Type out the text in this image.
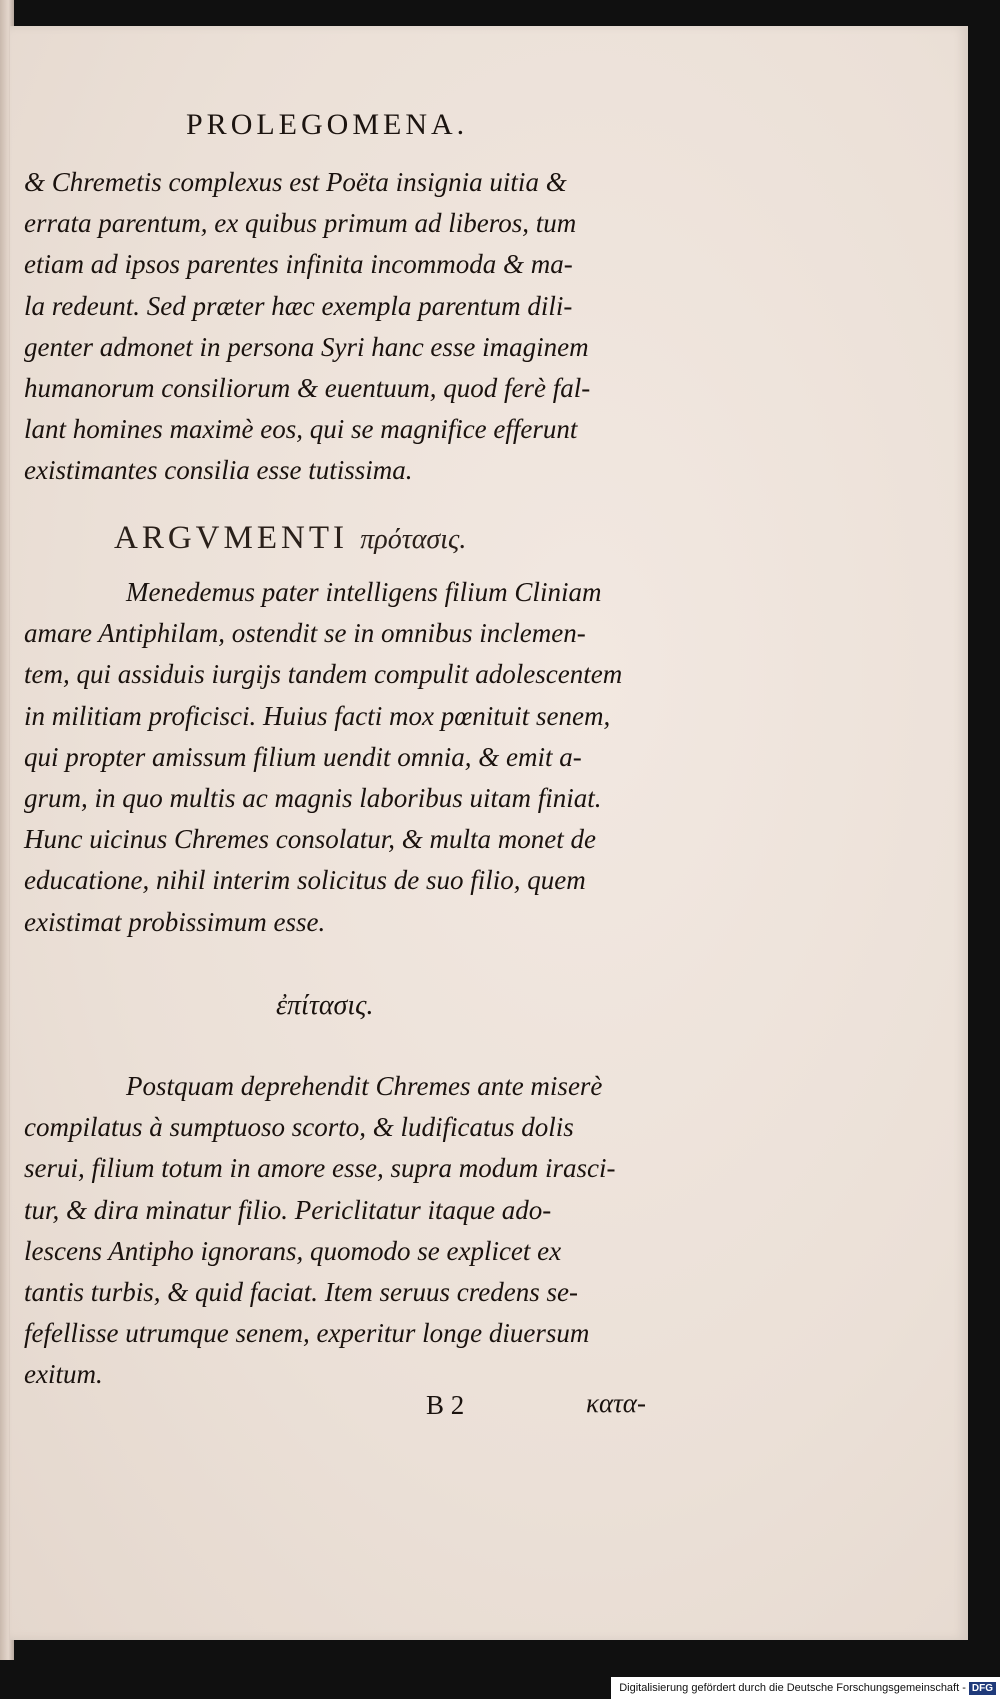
PROLEGOMENA.
& Chremetis complexus est Poëta insignia uitia &
errata parentum, ex quibus primum ad liberos, tum
etiam ad ipsos parentes infinita incommoda & ma-
la redeunt. Sed præter hæc exempla parentum dili-
genter admonet in persona Syri hanc esse imaginem
humanorum consiliorum & euentuum, quod ferè fal-
lant homines maximè eos, qui se magnifice efferunt
existimantes consilia esse tutissima.
ARGVMENTI πρότασις.
Menedemus pater intelligens filium Cliniam
amare Antiphilam, ostendit se in omnibus inclemen-
tem, qui assiduis iurgijs tandem compulit adolescentem
in militiam proficisci. Huius facti mox pœnituit senem,
qui propter amissum filium uendit omnia, & emit a-
grum, in quo multis ac magnis laboribus uitam finiat.
Hunc uicinus Chremes consolatur, & multa monet de
educatione, nihil interim solicitus de suo filio, quem
existimat probissimum esse.
ἐπίτασις.
Postquam deprehendit Chremes ante miserè
compilatus à sumptuoso scorto, & ludificatus dolis
serui, filium totum in amore esse, supra modum irasci-
tur, & dira minatur filio. Periclitatur itaque ado-
lescens Antipho ignorans, quomodo se explicet ex
tantis turbis, & quid faciat. Item seruus credens se-
fefellisse utrumque senem, experitur longe diuersum
exitum.
B 2	κατα-
Digitalisierung gefördert durch die Deutsche Forschungsgemeinschaft - DFG
